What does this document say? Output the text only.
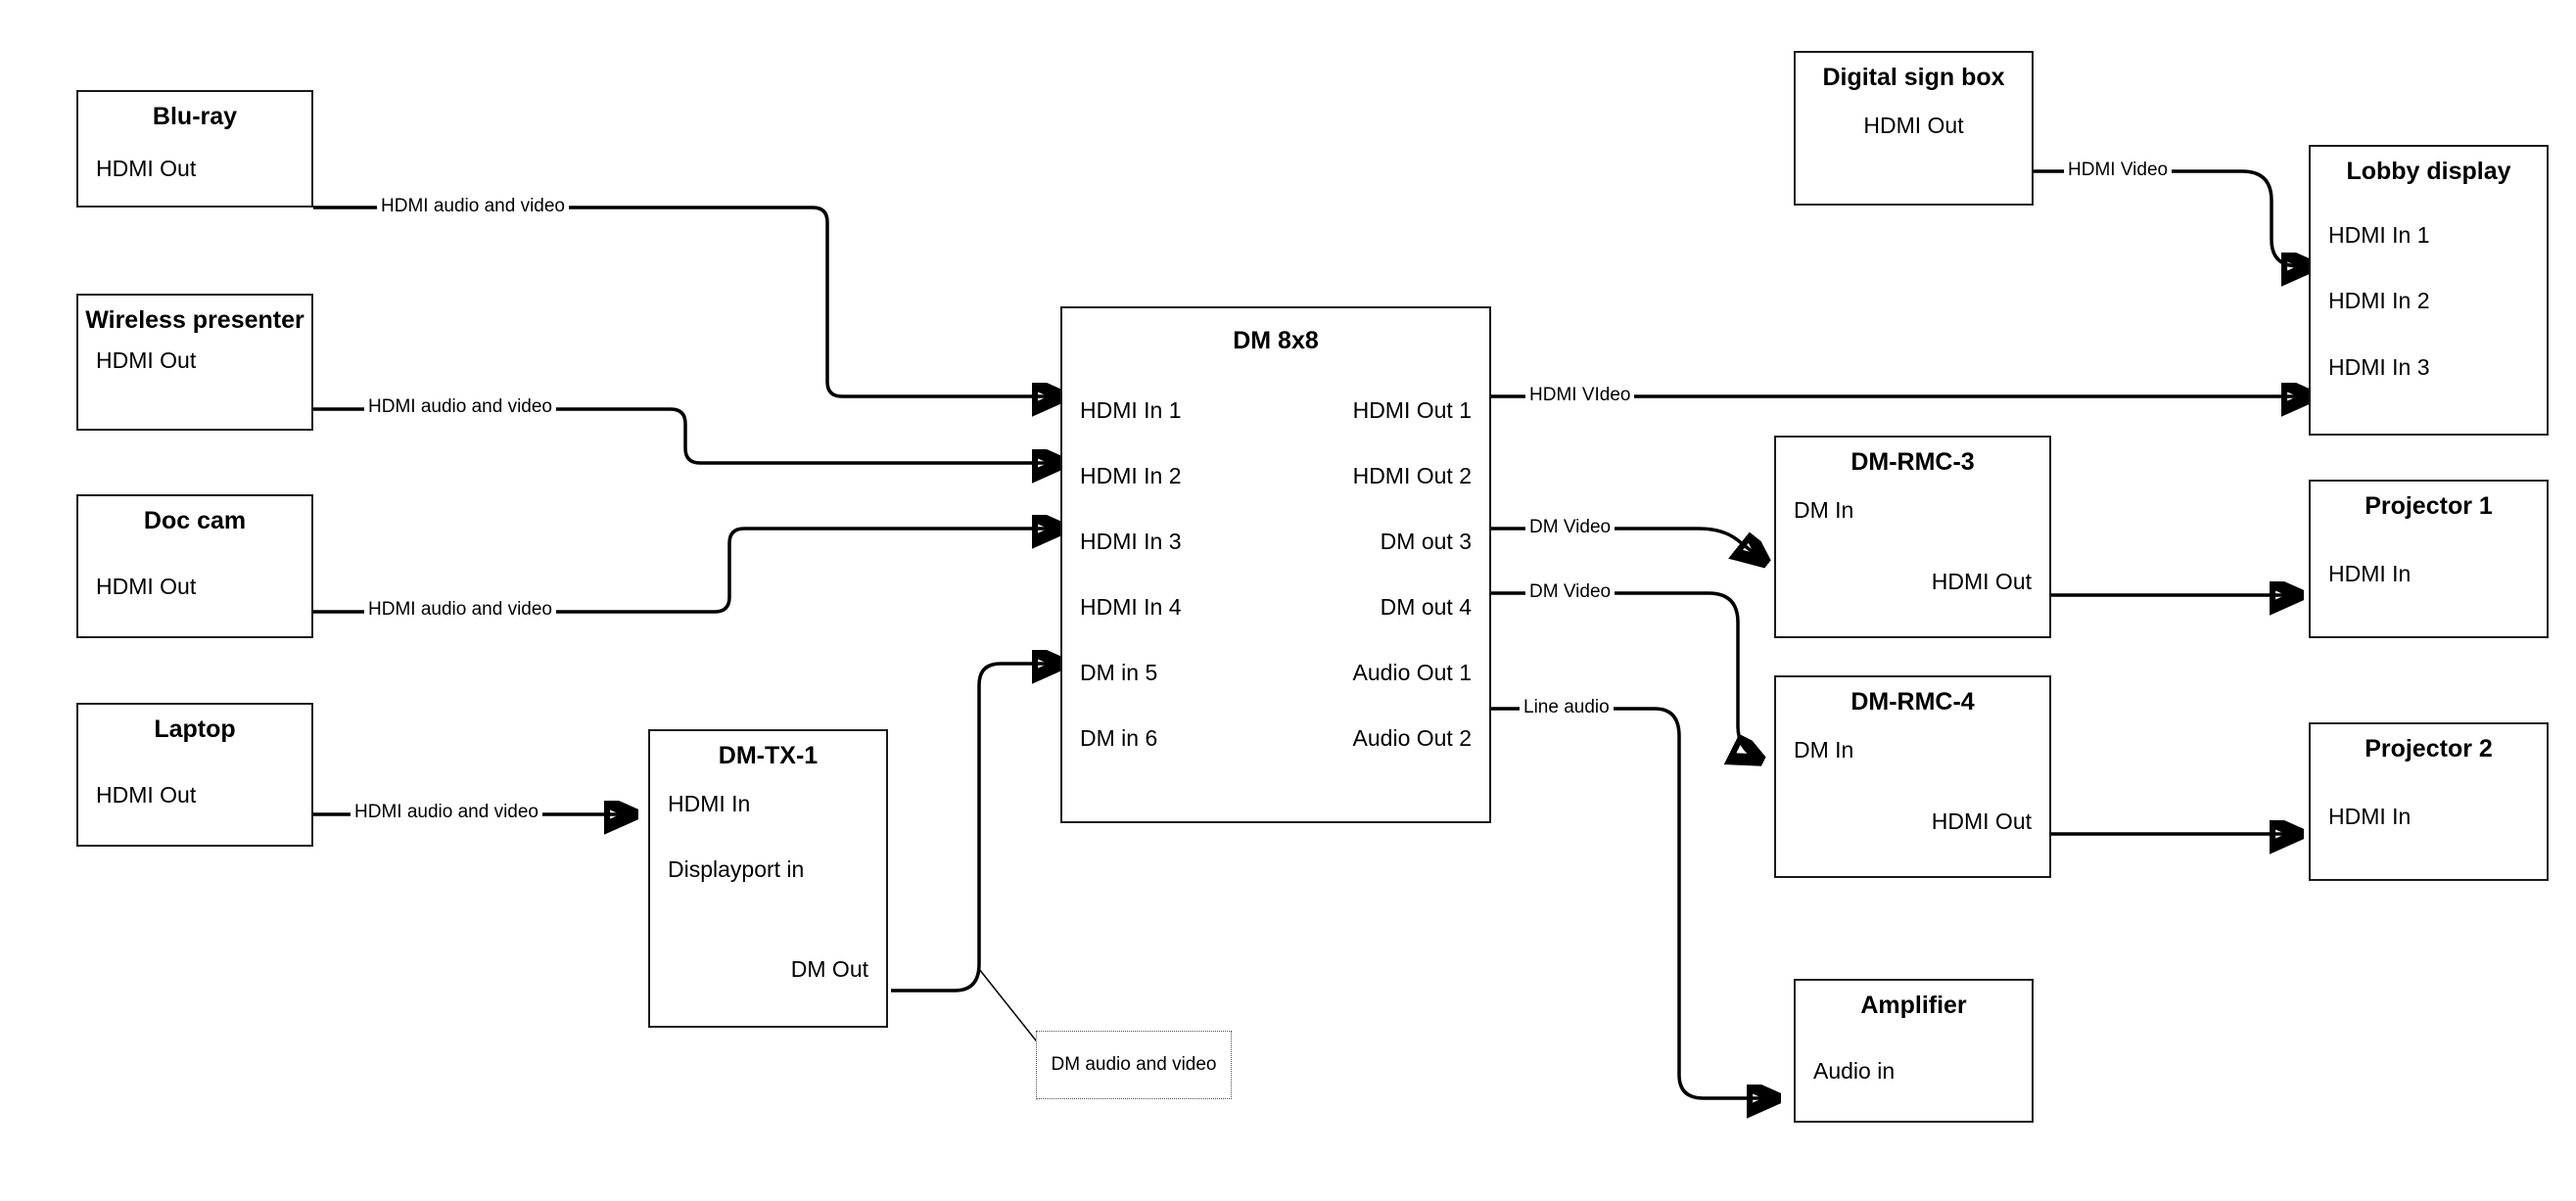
Blu-ray
HDMI Out
Wireless presenter
HDMI Out
Doc cam
HDMI Out
Laptop
HDMI Out
DM-TX-1
HDMI In
Displayport in
DM Out
DM 8x8
HDMI In 1
HDMI In 2
HDMI In 3
HDMI In 4
DM in 5
DM in 6
HDMI Out 1
HDMI Out 2
DM out 3
DM out 4
Audio Out 1
Audio Out 2
Digital sign box
HDMI Out
Lobby display
HDMI In 1
HDMI In 2
HDMI In 3
DM-RMC-3
DM In
HDMI Out
DM-RMC-4
DM In
HDMI Out
Projector 1
HDMI In
Projector 2
HDMI In
Amplifier
Audio in
HDMI audio and video
HDMI audio and video
HDMI audio and video
HDMI audio and video
HDMI Video
HDMI VIdeo
DM Video
DM Video
Line audio
DM audio and video
